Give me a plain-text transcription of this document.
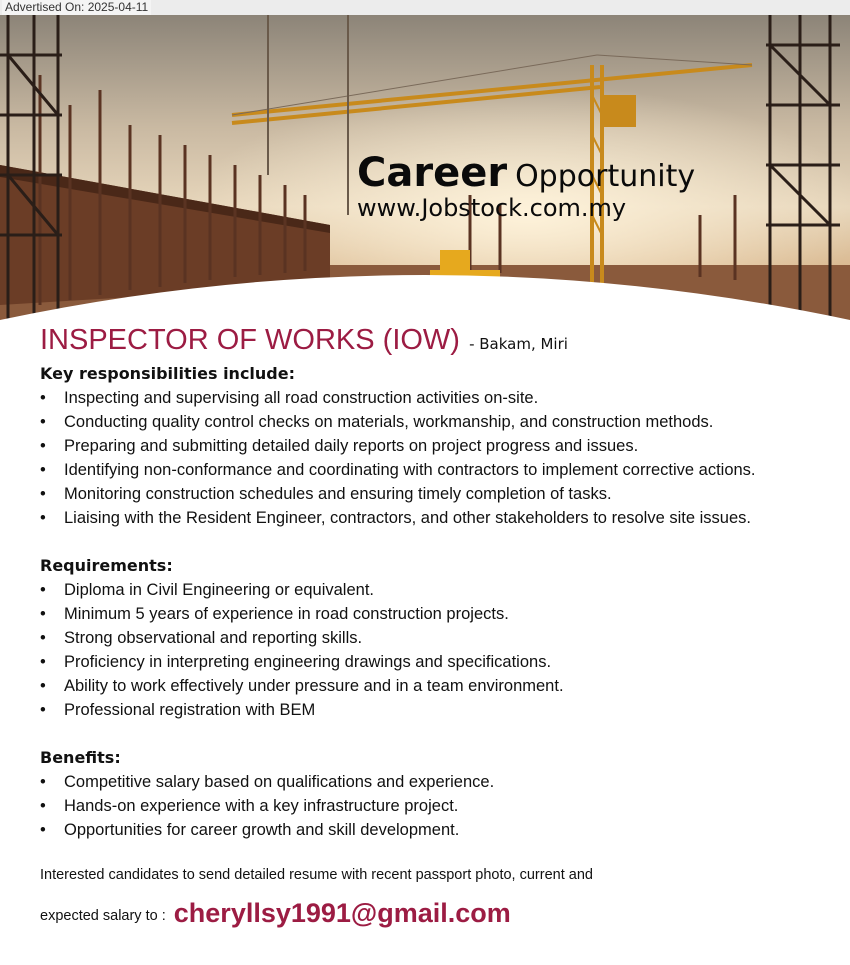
Advertised On: 2025-04-11
Career Opportunity
www.Jobstock.com.my
INSPECTOR OF WORKS (IOW) - Bakam, Miri
Key responsibilities include:
• Inspecting and supervising all road construction activities on-site.
• Conducting quality control checks on materials, workmanship, and construction methods.
• Preparing and submitting detailed daily reports on project progress and issues.
• Identifying non-conformance and coordinating with contractors to implement corrective actions.
• Monitoring construction schedules and ensuring timely completion of tasks.
• Liaising with the Resident Engineer, contractors, and other stakeholders to resolve site issues.
Requirements:
• Diploma in Civil Engineering or equivalent.
• Minimum 5 years of experience in road construction projects.
• Strong observational and reporting skills.
• Proficiency in interpreting engineering drawings and specifications.
• Ability to work effectively under pressure and in a team environment.
• Professional registration with BEM
Benefits:
• Competitive salary based on qualifications and experience.
• Hands-on experience with a key infrastructure project.
• Opportunities for career growth and skill development.
Interested candidates to send detailed resume with recent passport photo, current and
expected salary to : cheryllsy1991@gmail.com
